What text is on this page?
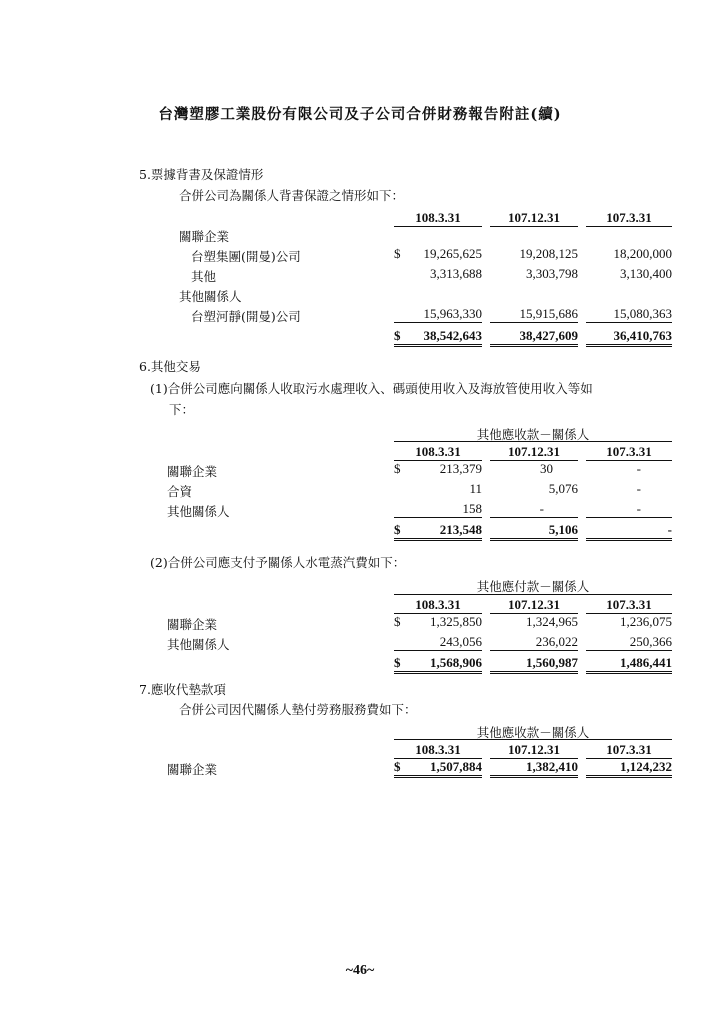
台灣塑膠工業股份有限公司及子公司合併財務報告附註(續)
5.票據背書及保證情形
合併公司為關係人背書保證之情形如下：
108.3.31	107.12.31	107.3.31
關聯企業
台塑集團(開曼)公司	$	19,265,625	19,208,125	18,200,000
其他	3,313,688	3,303,798	3,130,400
其他關係人
台塑河靜(開曼)公司	15,963,330	15,915,686	15,080,363
$	38,542,643	38,427,609	36,410,763
6.其他交易
(1)合併公司應向關係人收取污水處理收入、碼頭使用收入及海放管使用收入等如
下：
其他應收款－關係人
108.3.31	107.12.31	107.3.31
關聯企業	$	213,379	30	-
合資	11	5,076	-
其他關係人	158	-	-
$	213,548	5,106	-
(2)合併公司應支付予關係人水電蒸汽費如下：
其他應付款－關係人
108.3.31	107.12.31	107.3.31
關聯企業	$	1,325,850	1,324,965	1,236,075
其他關係人	243,056	236,022	250,366
$	1,568,906	1,560,987	1,486,441
7.應收代墊款項
合併公司因代關係人墊付勞務服務費如下：
其他應收款－關係人
108.3.31	107.12.31	107.3.31
關聯企業	$	1,507,884	1,382,410	1,124,232
~46~
